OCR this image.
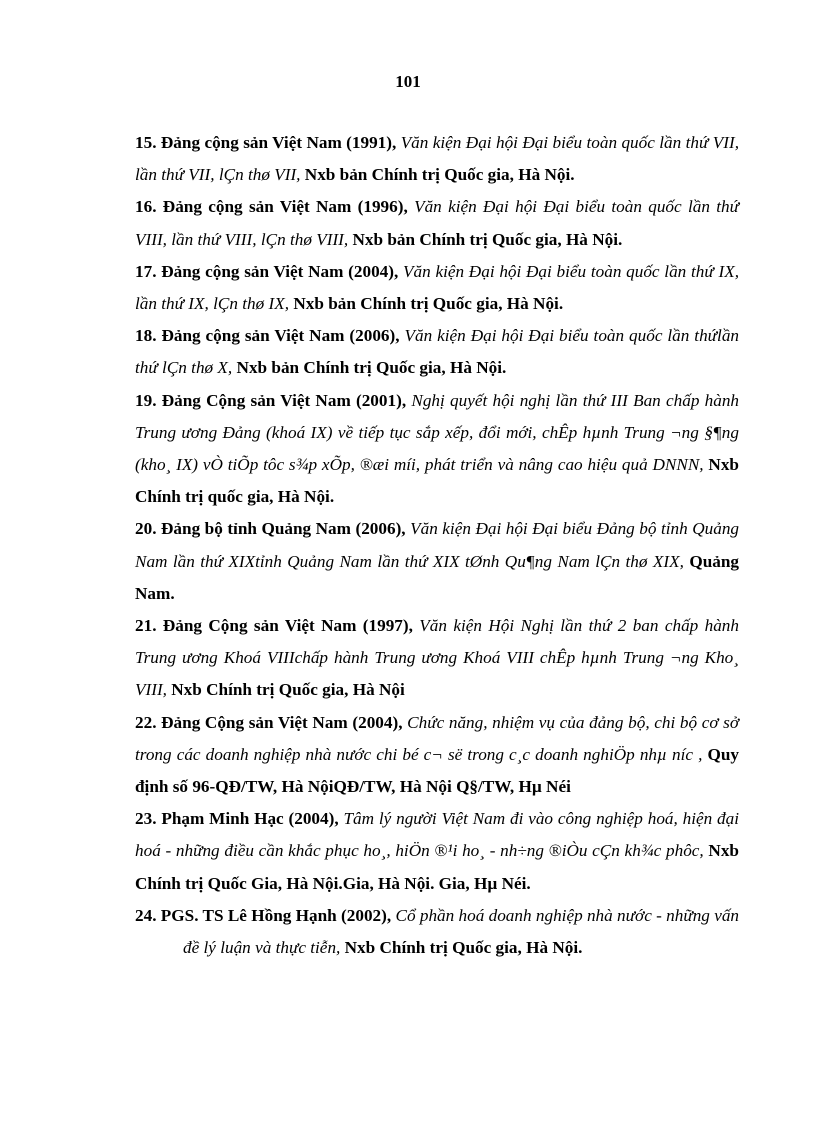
101

15. Đảng cộng sản Việt Nam (1991), Văn kiện Đại hội Đại biểu toàn quốc lần thứ VII, lần thứ VII, lÇn thø VII, Nxb bản Chính trị Quốc gia, Hà Nội.

16. Đảng cộng sản Việt Nam (1996), Văn kiện Đại hội Đại biểu toàn quốc lần thứ VIII, lần thứ VIII, lÇn thø VIII, Nxb bản Chính trị Quốc gia, Hà Nội.

17. Đảng cộng sản Việt Nam (2004), Văn kiện Đại hội Đại biểu toàn quốc lần thứ IX, lần thứ IX, lÇn thø IX, Nxb bản Chính trị Quốc gia, Hà Nội.

18. Đảng cộng sản Việt Nam (2006), Văn kiện Đại hội Đại biểu toàn quốc lần thứlần thứ lÇn thø X, Nxb bản Chính trị Quốc gia, Hà Nội.

19. Đảng Cộng sản Việt Nam (2001), Nghị quyết hội nghị lần thứ III Ban chấp hành Trung ương Đảng (khoá IX) về tiếp tục sắp xếp, đổi mới, chÊp hµnh Trung ¬ng §¶ng (kho¸ IX) vÒ tiÕp tôc s¾p xÕp, ®æi míi, phát triển và nâng cao hiệu quả DNNN, Nxb Chính trị quốc gia, Hà Nội.

20. Đảng bộ tỉnh Quảng Nam (2006), Văn kiện Đại hội Đại biểu Đảng bộ tỉnh Quảng Nam lần thứ XIXtỉnh Quảng Nam lần thứ XIX tØnh Qu¶ng Nam lÇn thø XIX, Quảng Nam.

21. Đảng Cộng sản Việt Nam (1997), Văn kiện Hội Nghị lần thứ 2 ban chấp hành Trung ương Khoá VIIIchấp hành Trung ương Khoá VIII chÊp hµnh Trung ¬ng Kho¸ VIII, Nxb Chính trị Quốc gia, Hà Nội

22. Đảng Cộng sản Việt Nam (2004), Chức năng, nhiệm vụ của đảng bộ, chi bộ cơ sở trong các doanh nghiệp nhà nước chi bé c¬ së trong c¸c doanh nghiÖp nhµ níc , Quy định số 96-QĐ/TW, Hà NộiQĐ/TW, Hà Nội Q§/TW, Hµ Néi

23. Phạm Minh Hạc (2004), Tâm lý người Việt Nam đi vào công nghiệp hoá, hiện đại hoá - những điều cần khắc phục ho¸, hiÖn ®¹i ho¸ - nh÷ng ®iÒu cÇn kh¾c phôc, Nxb Chính trị Quốc Gia, Hà Nội.Gia, Hà Nội. Gia, Hµ Néi.

24. PGS. TS Lê Hồng Hạnh (2002), Cổ phần hoá doanh nghiệp nhà nước - những vấn đề lý luận và thực tiễn, Nxb Chính trị Quốc gia, Hà Nội.
